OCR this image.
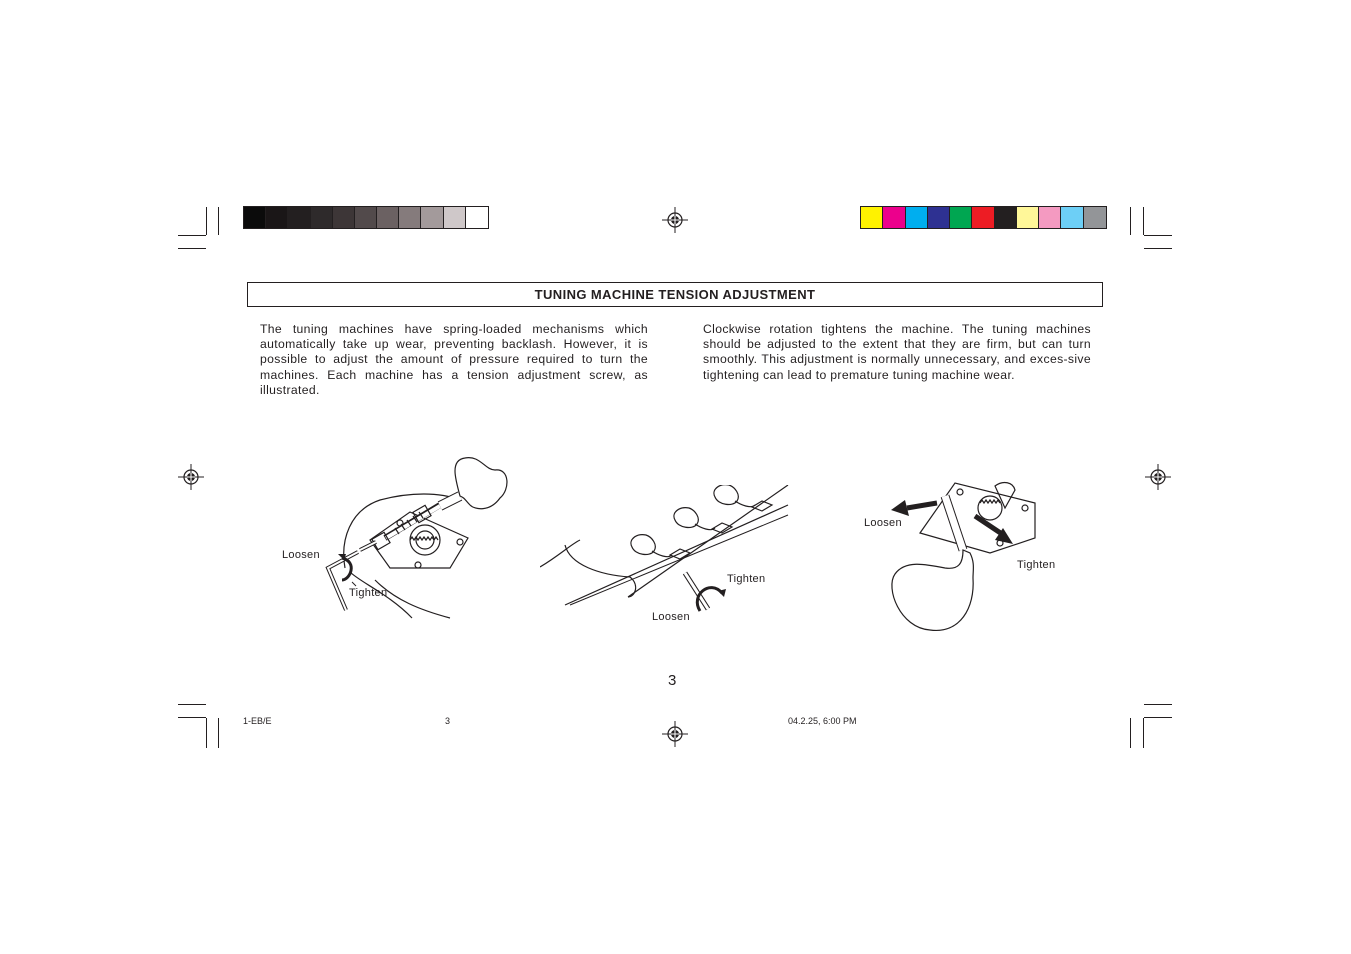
TUNING MACHINE TENSION ADJUSTMENT
The tuning machines have spring-loaded mechanisms which automatically take up wear, preventing backlash. However, it is possible to adjust the amount of pressure required to turn the machines. Each machine has a tension adjustment screw, as illustrated.
Clockwise rotation tightens the machine. The tuning machines should be adjusted to the extent that they are firm, but can turn smoothly. This adjustment is normally unnecessary, and exces-sive tightening can lead to premature tuning machine wear.
Loosen
Tighten
Tighten
Loosen
Loosen
Tighten
3
1-EB/E	3	04.2.25, 6:00 PM
